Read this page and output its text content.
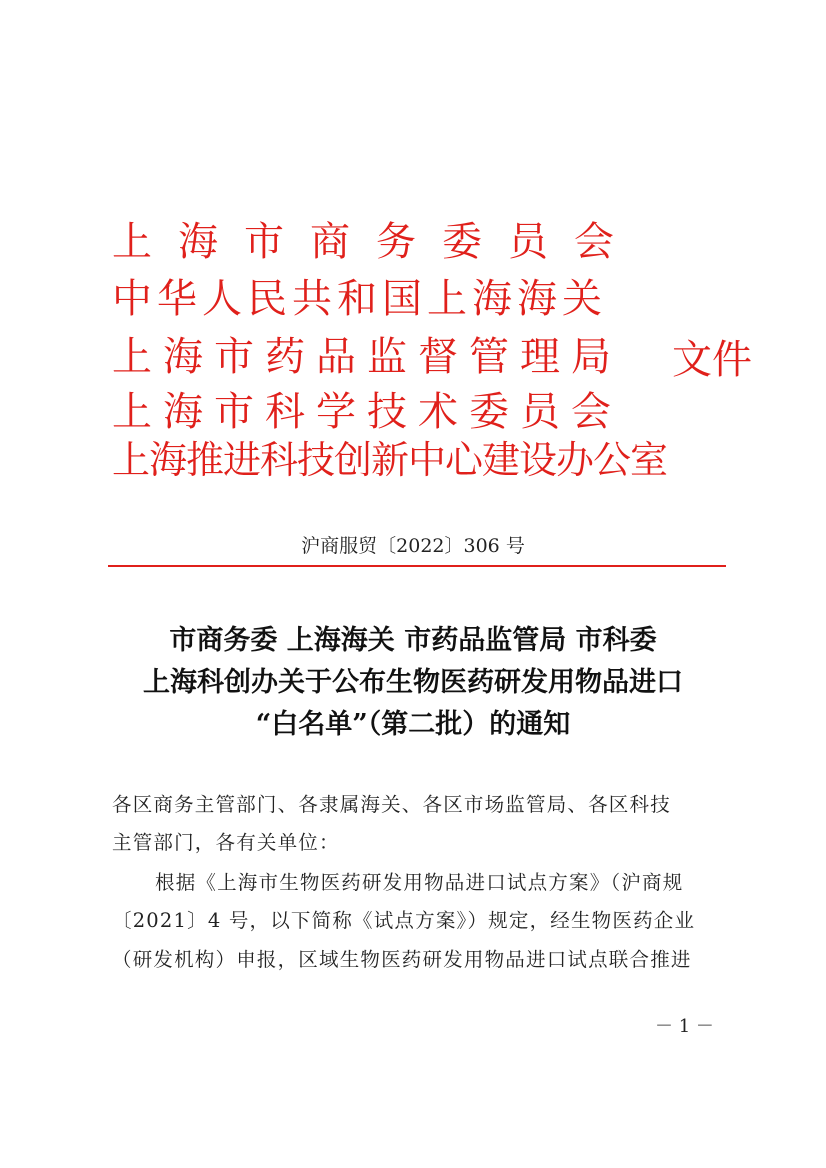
上海市商务委员会
中华人民共和国上海海关
上海市药品监督管理局
上海市科学技术委员会
上海推进科技创新中心建设办公室
文件
沪商服贸〔2022〕306 号
市商务委 上海海关 市药品监管局 市科委
上海科创办关于公布生物医药研发用物品进口
“白名单”（第二批）的通知
各区商务主管部门、各隶属海关、各区市场监管局、各区科技
主管部门，各有关单位：
根据《上海市生物医药研发用物品进口试点方案》（沪商规
〔2021〕4 号，以下简称《试点方案》）规定，经生物医药企业
（研发机构）申报，区域生物医药研发用物品进口试点联合推进
－ 1 －
